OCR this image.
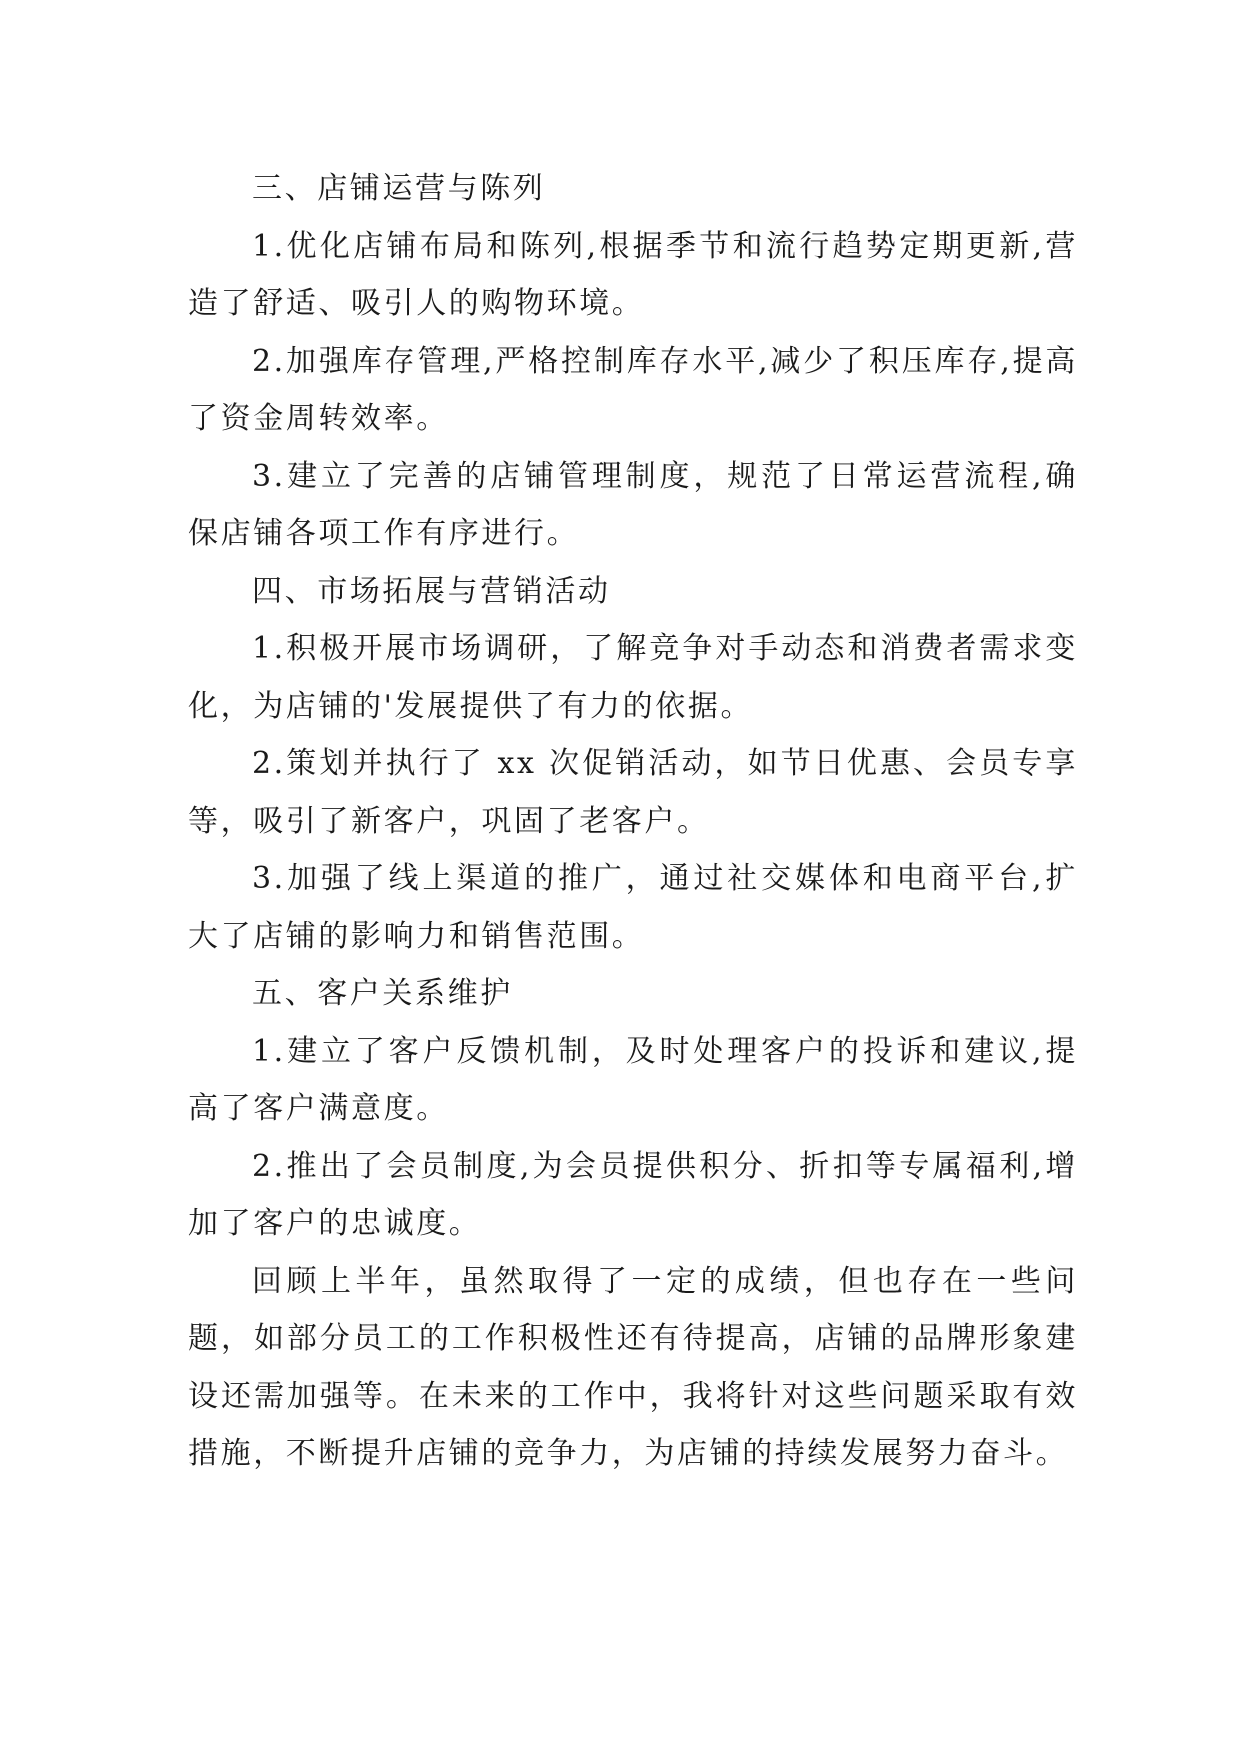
三、店铺运营与陈列

1.优化店铺布局和陈列,根据季节和流行趋势定期更新,营造了舒适、吸引人的购物环境。

2.加强库存管理,严格控制库存水平,减少了积压库存,提高了资金周转效率。

3.建立了完善的店铺管理制度，规范了日常运营流程,确保店铺各项工作有序进行。

四、市场拓展与营销活动

1.积极开展市场调研，了解竞争对手动态和消费者需求变化，为店铺的'发展提供了有力的依据。

2.策划并执行了 xx 次促销活动，如节日优惠、会员专享等，吸引了新客户，巩固了老客户。

3.加强了线上渠道的推广，通过社交媒体和电商平台,扩大了店铺的影响力和销售范围。

五、客户关系维护

1.建立了客户反馈机制，及时处理客户的投诉和建议,提高了客户满意度。

2.推出了会员制度,为会员提供积分、折扣等专属福利,增加了客户的忠诚度。

回顾上半年，虽然取得了一定的成绩，但也存在一些问题，如部分员工的工作积极性还有待提高，店铺的品牌形象建设还需加强等。在未来的工作中，我将针对这些问题采取有效措施，不断提升店铺的竞争力，为店铺的持续发展努力奋斗。
